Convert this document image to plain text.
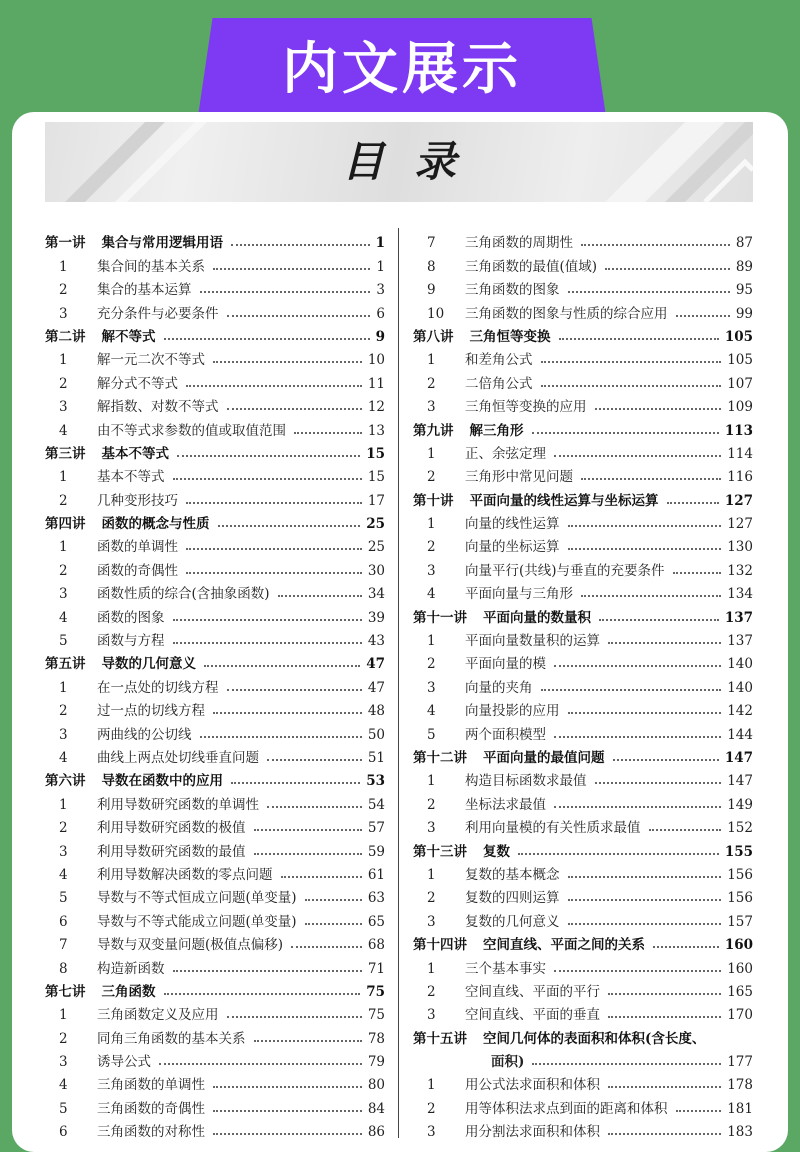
内文展示
目录
第一讲 集合与常用逻辑用语	1
1	集合间的基本关系	1
2	集合的基本运算	3
3	充分条件与必要条件	6
第二讲 解不等式	9
1	解一元二次不等式	10
2	解分式不等式	11
3	解指数、对数不等式	12
4	由不等式求参数的值或取值范围	13
第三讲 基本不等式	15
1	基本不等式	15
2	几种变形技巧	17
第四讲 函数的概念与性质	25
1	函数的单调性	25
2	函数的奇偶性	30
3	函数性质的综合(含抽象函数)	34
4	函数的图象	39
5	函数与方程	43
第五讲 导数的几何意义	47
1	在一点处的切线方程	47
2	过一点的切线方程	48
3	两曲线的公切线	50
4	曲线上两点处切线垂直问题	51
第六讲 导数在函数中的应用	53
1	利用导数研究函数的单调性	54
2	利用导数研究函数的极值	57
3	利用导数研究函数的最值	59
4	利用导数解决函数的零点问题	61
5	导数与不等式恒成立问题(单变量)	63
6	导数与不等式能成立问题(单变量)	65
7	导数与双变量问题(极值点偏移)	68
8	构造新函数	71
第七讲 三角函数	75
1	三角函数定义及应用	75
2	同角三角函数的基本关系	78
3	诱导公式	79
4	三角函数的单调性	80
5	三角函数的奇偶性	84
6	三角函数的对称性	86
7	三角函数的周期性	87
8	三角函数的最值(值域)	89
9	三角函数的图象	95
10	三角函数的图象与性质的综合应用	99
第八讲 三角恒等变换	105
1	和差角公式	105
2	二倍角公式	107
3	三角恒等变换的应用	109
第九讲 解三角形	113
1	正、余弦定理	114
2	三角形中常见问题	116
第十讲 平面向量的线性运算与坐标运算	127
1	向量的线性运算	127
2	向量的坐标运算	130
3	向量平行(共线)与垂直的充要条件	132
4	平面向量与三角形	134
第十一讲 平面向量的数量积	137
1	平面向量数量积的运算	137
2	平面向量的模	140
3	向量的夹角	140
4	向量投影的应用	142
5	两个面积模型	144
第十二讲 平面向量的最值问题	147
1	构造目标函数求最值	147
2	坐标法求最值	149
3	利用向量模的有关性质求最值	152
第十三讲 复数	155
1	复数的基本概念	156
2	复数的四则运算	156
3	复数的几何意义	157
第十四讲 空间直线、平面之间的关系	160
1	三个基本事实	160
2	空间直线、平面的平行	165
3	空间直线、平面的垂直	170
第十五讲 空间几何体的表面积和体积(含长度、
面积)	177
1	用公式法求面积和体积	178
2	用等体积法求点到面的距离和体积	181
3	用分割法求面积和体积	183
